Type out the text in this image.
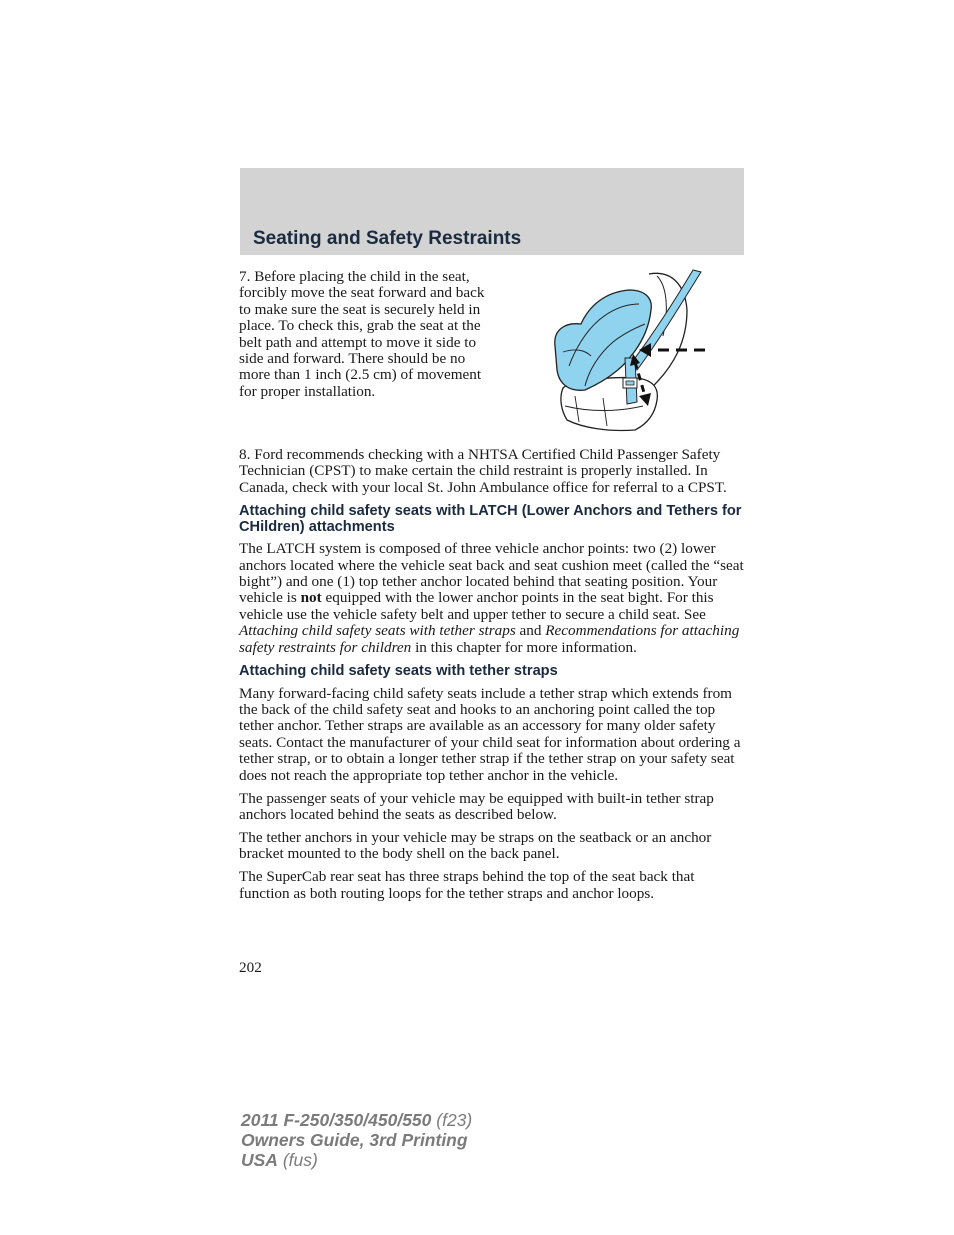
Seating and Safety Restraints

7. Before placing the child in the seat, forcibly move the seat forward and back to make sure the seat is securely held in place. To check this, grab the seat at the belt path and attempt to move it side to side and forward. There should be no more than 1 inch (2.5 cm) of movement for proper installation.

8. Ford recommends checking with a NHTSA Certified Child Passenger Safety Technician (CPST) to make certain the child restraint is properly installed. In Canada, check with your local St. John Ambulance office for referral to a CPST.

Attaching child safety seats with LATCH (Lower Anchors and Tethers for CHildren) attachments

The LATCH system is composed of three vehicle anchor points: two (2) lower anchors located where the vehicle seat back and seat cushion meet (called the “seat bight”) and one (1) top tether anchor located behind that seating position. Your vehicle is not equipped with the lower anchor points in the seat bight. For this vehicle use the vehicle safety belt and upper tether to secure a child seat. See Attaching child safety seats with tether straps and Recommendations for attaching safety restraints for children in this chapter for more information.

Attaching child safety seats with tether straps

Many forward-facing child safety seats include a tether strap which extends from the back of the child safety seat and hooks to an anchoring point called the top tether anchor. Tether straps are available as an accessory for many older safety seats. Contact the manufacturer of your child seat for information about ordering a tether strap, or to obtain a longer tether strap if the tether strap on your safety seat does not reach the appropriate top tether anchor in the vehicle.

The passenger seats of your vehicle may be equipped with built-in tether strap anchors located behind the seats as described below.

The tether anchors in your vehicle may be straps on the seatback or an anchor bracket mounted to the body shell on the back panel.

The SuperCab rear seat has three straps behind the top of the seat back that function as both routing loops for the tether straps and anchor loops.

202

2011 F-250/350/450/550 (f23)
Owners Guide, 3rd Printing
USA (fus)
